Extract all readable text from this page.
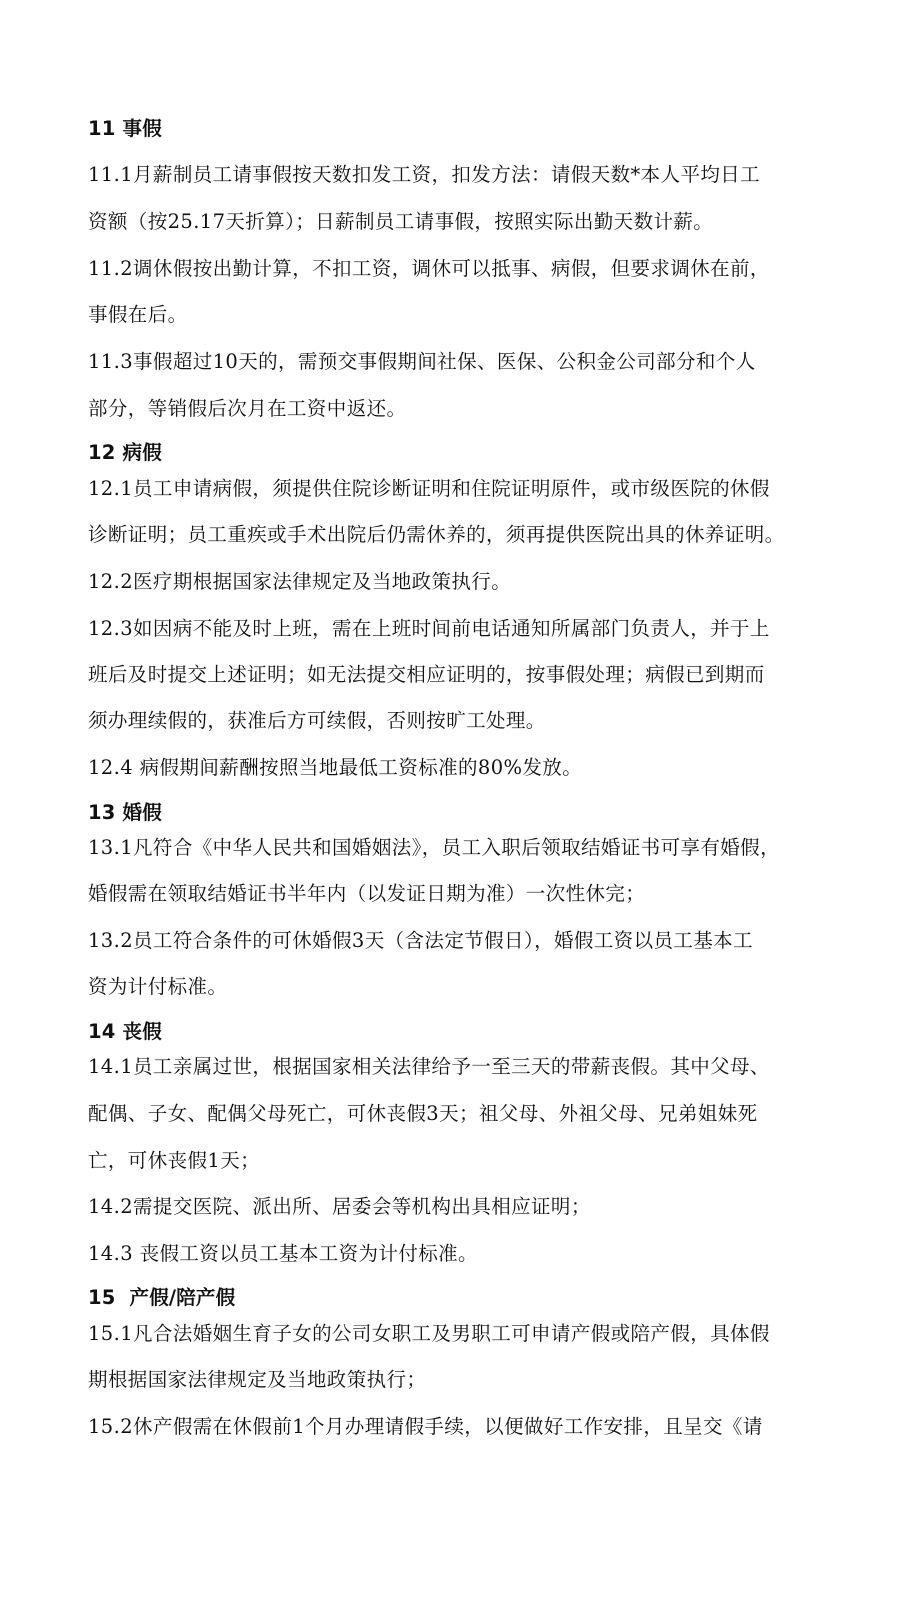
11 事假
11.1月薪制员工请事假按天数扣发工资，扣发方法：请假天数*本人平均日工
资额（按25.17天折算）；日薪制员工请事假，按照实际出勤天数计薪。
11.2调休假按出勤计算，不扣工资，调休可以抵事、病假，但要求调休在前，
事假在后。
11.3事假超过10天的，需预交事假期间社保、医保、公积金公司部分和个人
部分，等销假后次月在工资中返还。
12 病假
12.1员工申请病假，须提供住院诊断证明和住院证明原件，或市级医院的休假
诊断证明；员工重疾或手术出院后仍需休养的，须再提供医院出具的休养证明。
12.2医疗期根据国家法律规定及当地政策执行。
12.3如因病不能及时上班，需在上班时间前电话通知所属部门负责人，并于上
班后及时提交上述证明；如无法提交相应证明的，按事假处理；病假已到期而
须办理续假的，获准后方可续假，否则按旷工处理。
12.4 病假期间薪酬按照当地最低工资标准的80%发放。
13 婚假
13.1凡符合《中华人民共和国婚姻法》，员工入职后领取结婚证书可享有婚假，
婚假需在领取结婚证书半年内（以发证日期为准）一次性休完；
13.2员工符合条件的可休婚假3天（含法定节假日），婚假工资以员工基本工
资为计付标准。
14 丧假
14.1员工亲属过世，根据国家相关法律给予一至三天的带薪丧假。其中父母、
配偶、子女、配偶父母死亡，可休丧假3天；祖父母、外祖父母、兄弟姐妹死
亡，可休丧假1天；
14.2需提交医院、派出所、居委会等机构出具相应证明；
14.3 丧假工资以员工基本工资为计付标准。
15  产假/陪产假
15.1凡合法婚姻生育子女的公司女职工及男职工可申请产假或陪产假，具体假
期根据国家法律规定及当地政策执行；
15.2休产假需在休假前1个月办理请假手续，以便做好工作安排，且呈交《请
